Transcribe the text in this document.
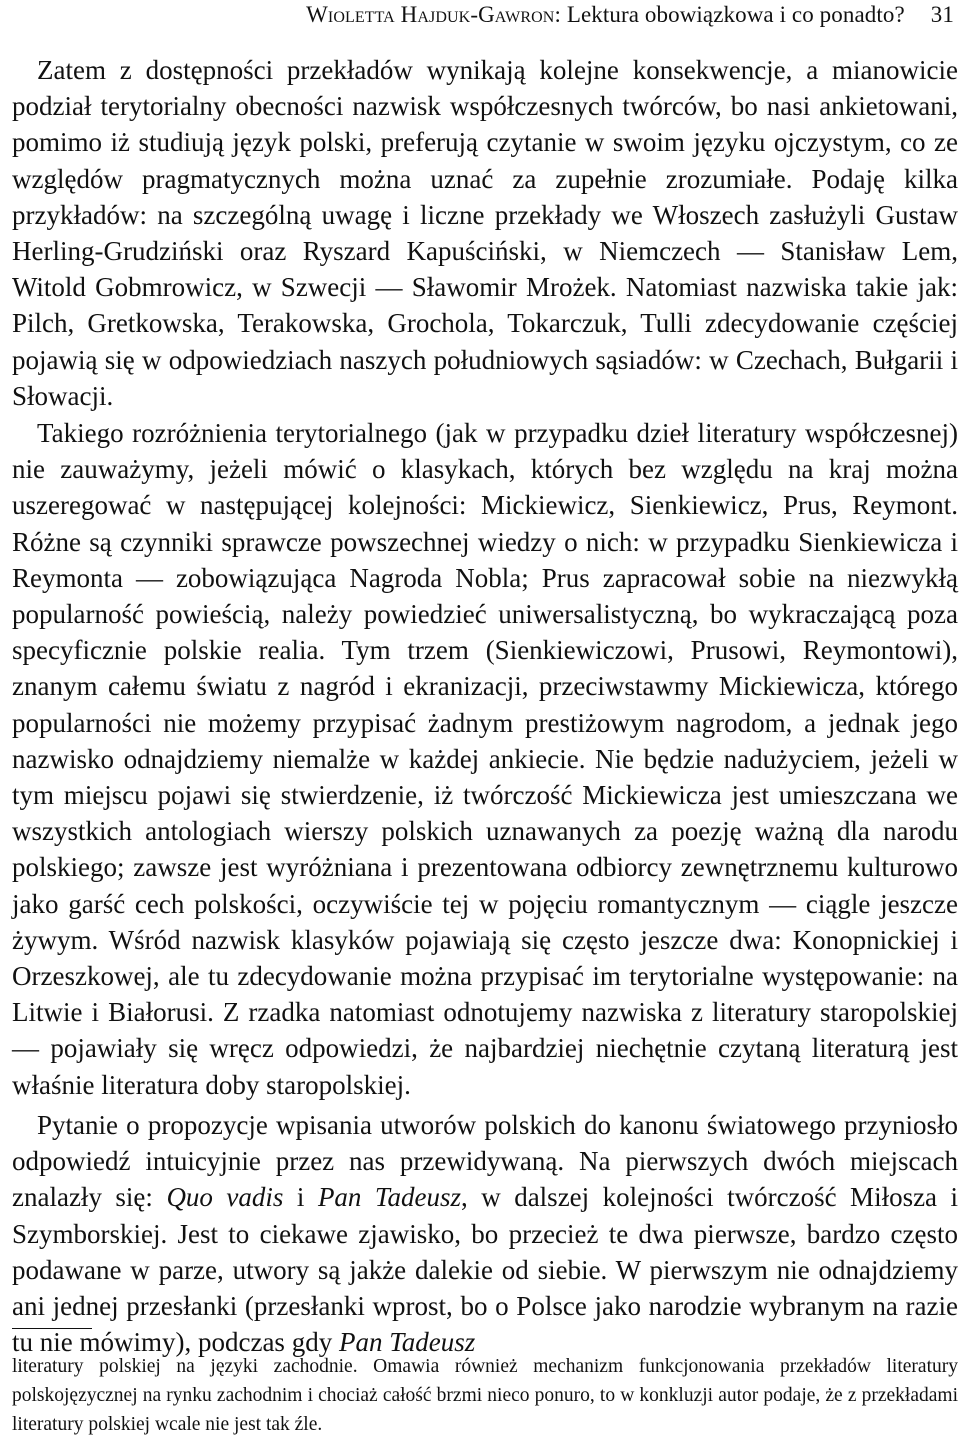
Wioletta Hajduk-Gawron:
Lektura obowiązkowa i co ponadto? 31

Zatem z dostępności przekładów wynikają kolejne konsekwencje, a mianowicie podział terytorialny obecności nazwisk współczesnych twórców, bo nasi ankietowani, pomimo iż studiują język polski, preferują czytanie w swoim języku ojczystym, co ze względów pragmatycznych można uznać za zupełnie zrozumiałe. Podaję kilka przykładów: na szczególną uwagę i liczne przekłady we Włoszech zasłużyli Gustaw Herling-Grudziński oraz Ryszard Kapuściński, w Niemczech — Stanisław Lem, Witold Gobmrowicz, w Szwecji — Sławomir Mrożek. Natomiast nazwiska takie jak: Pilch, Gretkowska, Terakowska, Grochola, Tokarczuk, Tulli zdecydowanie częściej pojawią się w odpowiedziach naszych południowych sąsiadów: w Czechach, Bułgarii i Słowacji.

Takiego rozróżnienia terytorialnego (jak w przypadku dzieł literatury współczesnej) nie zauważymy, jeżeli mówić o klasykach, których bez względu na kraj można uszeregować w następującej kolejności: Mickiewicz, Sienkiewicz, Prus, Reymont. Różne są czynniki sprawcze powszechnej wiedzy o nich: w przypadku Sienkiewicza i Reymonta — zobowiązująca Nagroda Nobla; Prus zapracował sobie na niezwykłą popularność powieścią, należy powiedzieć uniwersalistyczną, bo wykraczającą poza specyficznie polskie realia. Tym trzem (Sienkiewiczowi, Prusowi, Reymontowi), znanym całemu światu z nagród i ekranizacji, przeciwstawmy Mickiewicza, którego popularności nie możemy przypisać żadnym prestiżowym nagrodom, a jednak jego nazwisko odnajdziemy niemalże w każdej ankiecie. Nie będzie nadużyciem, jeżeli w tym miejscu pojawi się stwierdzenie, iż twórczość Mickiewicza jest umieszczana we wszystkich antologiach wierszy polskich uznawanych za poezję ważną dla narodu polskiego; zawsze jest wyróżniana i prezentowana odbiorcy zewnętrznemu kulturowo jako garść cech polskości, oczywiście tej w pojęciu romantycznym — ciągle jeszcze żywym. Wśród nazwisk klasyków pojawiają się często jeszcze dwa: Konopnickiej i Orzeszkowej, ale tu zdecydowanie można przypisać im terytorialne występowanie: na Litwie i Białorusi. Z rzadka natomiast odnotujemy nazwiska z literatury staropolskiej — pojawiały się wręcz odpowiedzi, że najbardziej niechętnie czytaną literaturą jest właśnie literatura doby staropolskiej.

Pytanie o propozycje wpisania utworów polskich do kanonu światowego przyniosło odpowiedź intuicyjnie przez nas przewidywaną. Na pierwszych dwóch miejscach znalazły się: Quo vadis i Pan Tadeusz, w dalszej kolejności twórczość Miłosza i Szymborskiej. Jest to ciekawe zjawisko, bo przecież te dwa pierwsze, bardzo często podawane w parze, utwory są jakże dalekie od siebie. W pierwszym nie odnajdziemy ani jednej przesłanki (przesłanki wprost, bo o Polsce jako narodzie wybranym na razie tu nie mówimy), podczas gdy Pan Tadeusz

literatury polskiej na języki zachodnie. Omawia również mechanizm funkcjonowania przekładów literatury polskojęzycznej na rynku zachodnim i chociaż całość brzmi nieco ponuro, to w konkluzji autor podaje, że z przekładami literatury polskiej wcale nie jest tak źle.
